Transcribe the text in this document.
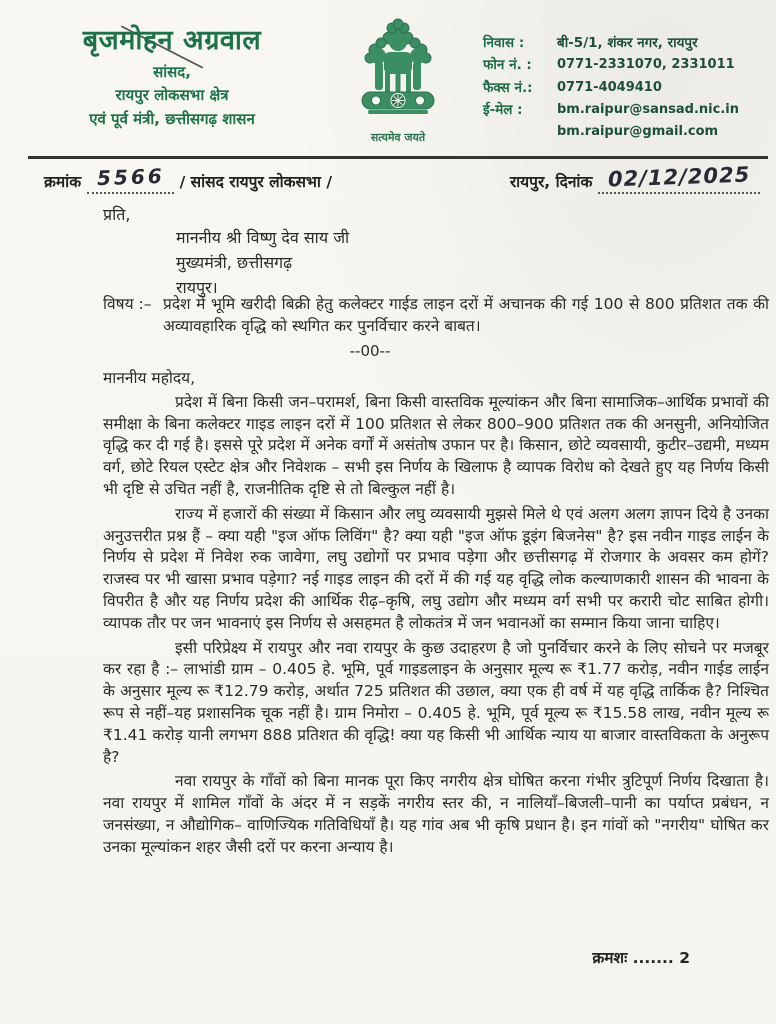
बृजमोहन अग्रवाल
सांसद,
रायपुर लोकसभा क्षेत्र
एवं पूर्व मंत्री, छत्तीसगढ़ शासन
सत्यमेव जयते
निवास :	बी-5/1, शंकर नगर, रायपुर
फोन नं. :	0771-2331070, 2331011
फैक्स नं.:	0771-4049410
ई-मेल :	bm.raipur@sansad.nic.in
bm.raipur@gmail.com
क्रमांक 5566 / सांसद रायपुर लोकसभा /	रायपुर, दिनांक 02/12/2025
प्रति,
माननीय श्री विष्णु देव साय जी
मुख्यमंत्री, छत्तीसगढ़
रायपुर।
विषय :– प्रदेश में भूमि खरीदी बिक्री हेतु कलेक्टर गाईड लाइन दरों में अचानक की गई 100 से 800 प्रतिशत तक की अव्यावहारिक वृद्धि को स्थगित कर पुनर्विचार करने बाबत।
--00--
माननीय महोदय,

प्रदेश में बिना किसी जन–परामर्श, बिना किसी वास्तविक मूल्यांकन और बिना सामाजिक–आर्थिक प्रभावों की समीक्षा के बिना कलेक्टर गाइड लाइन दरों में 100 प्रतिशत से लेकर 800–900 प्रतिशत तक की अनसुनी, अनियोजित वृद्धि कर दी गई है। इससे पूरे प्रदेश में अनेक वर्गों में असंतोष उफान पर है। किसान, छोटे व्यवसायी, कुटीर–उद्यमी, मध्यम वर्ग, छोटे रियल एस्टेट क्षेत्र और निवेशक – सभी इस निर्णय के खिलाफ है व्यापक विरोध को देखते हुए यह निर्णय किसी भी दृष्टि से उचित नहीं है, राजनीतिक दृष्टि से तो बिल्कुल नहीं है।

राज्य में हजारों की संख्या में किसान और लघु व्यवसायी मुझसे मिले थे एवं अलग अलग ज्ञापन दिये है उनका अनुउत्तरीत प्रश्न हैं – क्या यही "इज ऑफ लिविंग" है? क्या यही "इज ऑफ डूइंग बिजनेस" है? इस नवीन गाइड लाईन के निर्णय से प्रदेश में निवेश रुक जावेगा, लघु उद्योगों पर प्रभाव पड़ेगा और छत्तीसगढ़ में रोजगार के अवसर कम होगें? राजस्व पर भी खासा प्रभाव पड़ेगा? नई गाइड लाइन की दरों में की गई यह वृद्धि लोक कल्याणकारी शासन की भावना के विपरीत है और यह निर्णय प्रदेश की आर्थिक रीढ़–कृषि, लघु उद्योग और मध्यम वर्ग सभी पर करारी चोट साबित होगी। व्यापक तौर पर जन भावनाएं इस निर्णय से असहमत है लोकतंत्र में जन भवानओं का सम्मान किया जाना चाहिए।

इसी परिप्रेक्ष्य में रायपुर और नवा रायपुर के कुछ उदाहरण है जो पुनर्विचार करने के लिए सोचने पर मजबूर कर रहा है :– लाभांडी ग्राम – 0.405 हे. भूमि, पूर्व गाइडलाइन के अनुसार मूल्य रू ₹1.77 करोड़, नवीन गाईड लाईन के अनुसार मूल्य रू ₹12.79 करोड़, अर्थात 725 प्रतिशत की उछाल, क्या एक ही वर्ष में यह वृद्धि तार्किक है? निश्चित रूप से नहीं–यह प्रशासनिक चूक नहीं है। ग्राम निमोरा – 0.405 हे. भूमि, पूर्व मूल्य रू ₹15.58 लाख, नवीन मूल्य रू ₹1.41 करोड़ यानी लगभग 888 प्रतिशत की वृद्धि! क्या यह किसी भी आर्थिक न्याय या बाजार वास्तविकता के अनुरूप है?

नवा रायपुर के गाँवों को बिना मानक पूरा किए नगरीय क्षेत्र घोषित करना गंभीर त्रुटिपूर्ण निर्णय दिखाता है। नवा रायपुर में शामिल गाँवों के अंदर में न सड़कें नगरीय स्तर की, न नालियाँ–बिजली–पानी का पर्याप्त प्रबंधन, न जनसंख्या, न औद्योगिक– वाणिज्यिक गतिविधियाँ है। यह गांव अब भी कृषि प्रधान है। इन गांवों को "नगरीय" घोषित कर उनका मूल्यांकन शहर जैसी दरों पर करना अन्याय है।

क्रमशः ....... 2
